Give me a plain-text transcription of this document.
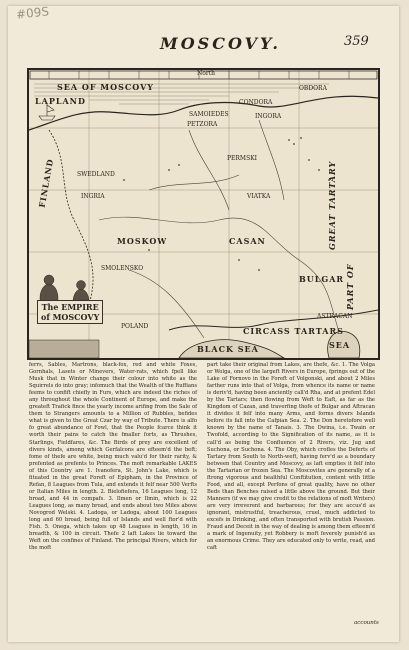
#09S
MOSCOVY.	359
North
SEA OF MOSCOVY
LAPLAND
SAMOIEDES
PETZORA
CONDORA
OBDORA
INGORA
PERMSKI
FINLAND	SWEDLAND
INGRIA
MOSKOW	CASAN
VIATKA
BULGAR
SMOLENSKO
GREAT TARTARY
PART OF
CIRCASS TARTARS
ASTRACAN
SEA
BLACK SEA
POLAND
The EMPIRE
of MOSCOVY
ferrs, Sables, Martrons, black-fox, red and white Foxes, Gornhals, Lasets or Minevers, Water-rats, which fpell like Musk that in Winter change their colour into white as the Squirrels do into gray; infomuch that the Wealth of the Ruffians feems to confift chiefly in Furs, which are indeed the riches of any throughout the whole Continent of Europe, and make the greateft Trafick fince the yearly income arifing from the Sale of them to Strangers amounts to a Million of Rubbles, befides what is given to the Great Czar by way of Tribute. There is alfo fo great abundance of Fowl, that the People fcarce think it worth their pains to catch the fmaller forts, as Thrushes, Starlings, Fieldfares, &c. The Birds of prey are excellent of divers kinds, among which Gerfalcons are efteem'd the beft; fome of thefe are white, being much valu'd for their rarity, & prefented as prefents to Princes. The moft remarkable LAKES of this Country are 1. Ivanofera, St. John's Lake, which is fituated in the great Foreft of Epipham, in the Province of Refan, 8 Leagues from Tula, and extends it felf near 500 Verfts or Italian Miles in length. 2. Bielofiefera, 16 Leagues long, 12 broad, and 44 in compafs. 3. Ilmen or Ilmin, which is 22 Leagues long, as many broad, and ends about two Miles above Novogrod Welski. 4. Ladoga, or Ladoga, about 100 Leagues long and 60 broad, being full of Islands and well ftor'd with Fish. 5. Onega, which takes up 48 Leagues in length, 16 in breadth, & 100 in circuit. Thefe 2 laft Lakes lie toward the Weft on the confines of Finland. The principal Rivers, which for the moft
part take their original from Lakes, are thefe, &c. 1. The Volga or Wolga, one of the largeft Rivers in Europe, fprings out of the Lake of Fornovo in the Foreft of Volgonski, and about 2 Miles farther runs into that of Volga, from whence its name or name is deriv'd, having been anciently call'd Rha, and at prefent Edel by the Tartars; then flowing from Weft to Eaft, as far as the Kingdom of Cazan, and traverfing thofe of Bulgar and Aftracan it divides it felf into many Arms, and forms divers Islands before its fall into the Cafpian Sea. 2. The Don heretofore well known by the name of Tanais. 3. The Dwina, i.e. Twain or Twofold, according to the Signification of its name, as it is call'd as being the Confluence of 2 Rivers, viz. Jug and Suchona, or Suchona. 4. The Oby, which crofles the Deferts of Tartary from South to North-weft, having ferv'd as a boundary between that Country and Moscovy, as laft empties it felf into the Tartarian or frozen Sea. The Moscovites are generally of a ftrong vigorous and healthful Conftitution, content with little Food, and all, except Perfons of great quality, have no other Beds than Benches raised a little above the ground. But their Manners (if we may give credit to the relations of moft Writers) are very irreverent and barbarous; for they are accus'd as ignorant, mistrustful, treacherous, cruel, much addicted to excefs in Drinking, and often transported with brutish Passion. Fraud and Deceit in the way of dealing is among them efteem'd a mark of Ingenuity, yet Robbery is moft feverely punish'd as an enormous Crime. They are educated only to write, read, and caft
accounts
